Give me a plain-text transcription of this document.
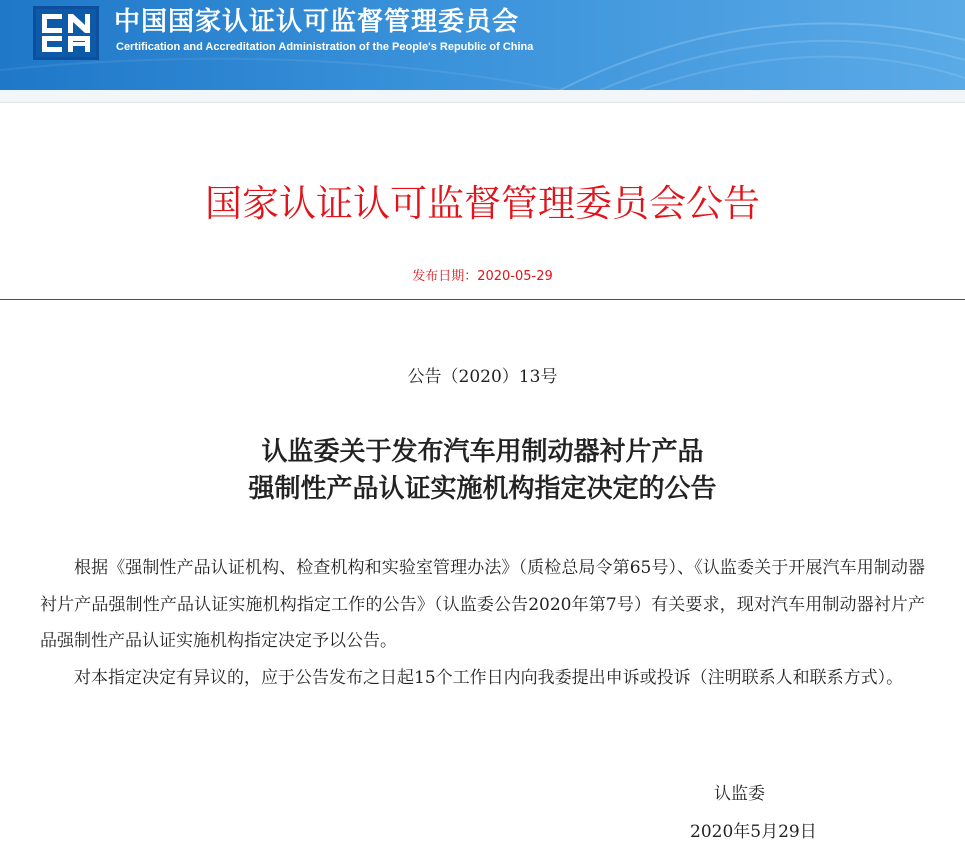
中国国家认证认可监督管理委员会
Certification and Accreditation Administration of the People's Republic of China
国家认证认可监督管理委员会公告
发布日期：2020-05-29
公告（2020）13号
认监委关于发布汽车用制动器衬片产品
强制性产品认证实施机构指定决定的公告

根据《强制性产品认证机构、检查机构和实验室管理办法》（质检总局令第65号）、《认监委关于开展汽车用制动器衬片产品强制性产品认证实施机构指定工作的公告》（认监委公告2020年第7号）有关要求，现对汽车用制动器衬片产品强制性产品认证实施机构指定决定予以公告。

对本指定决定有异议的，应于公告发布之日起15个工作日内向我委提出申诉或投诉（注明联系人和联系方式）。

认监委
2020年5月29日
